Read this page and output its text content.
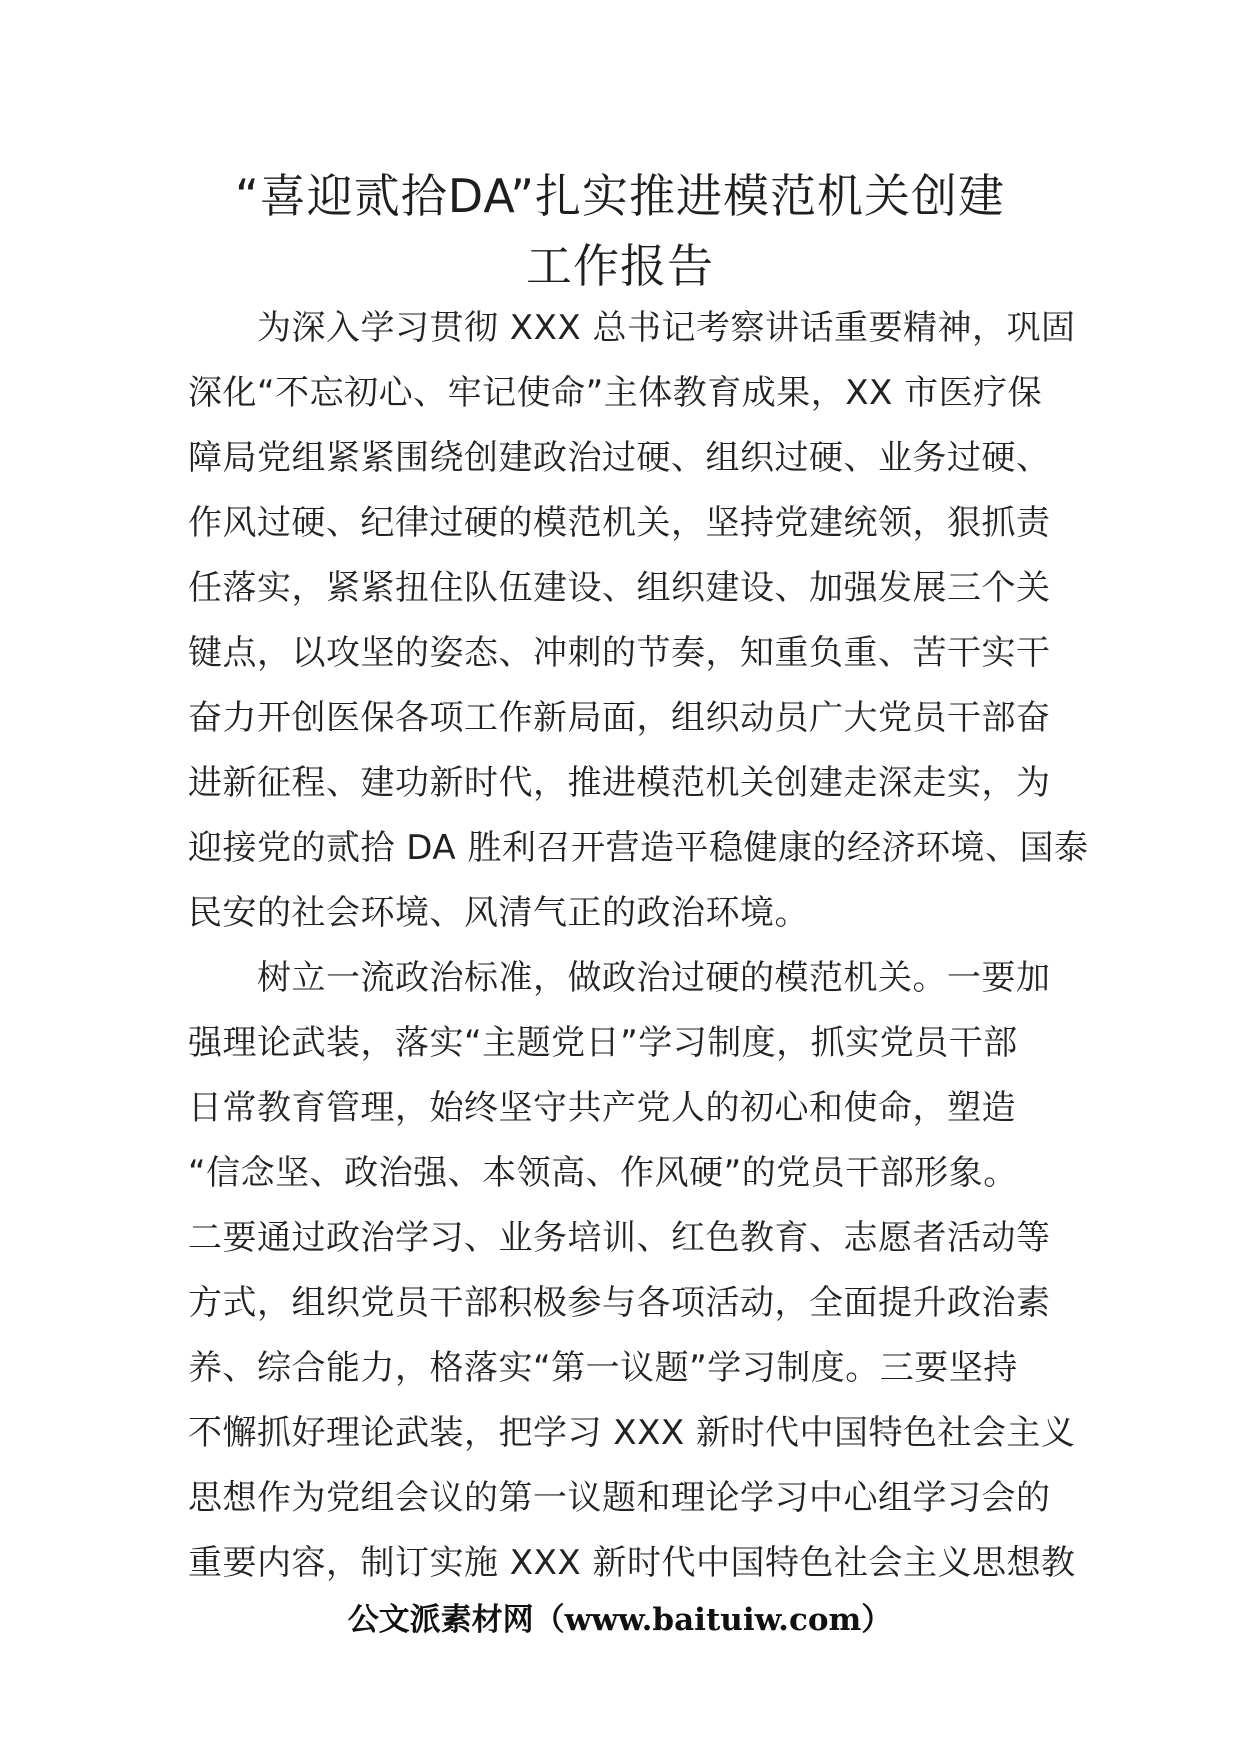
“喜迎贰拾DA”扎实推进模范机关创建
工作报告
　　为深入学习贯彻 XXX 总书记考察讲话重要精神，巩固
深化“不忘初心、牢记使命”主体教育成果，XX 市医疗保
障局党组紧紧围绕创建政治过硬、组织过硬、业务过硬、
作风过硬、纪律过硬的模范机关，坚持党建统领，狠抓责
任落实，紧紧扭住队伍建设、组织建设、加强发展三个关
键点，以攻坚的姿态、冲刺的节奏，知重负重、苦干实干
奋力开创医保各项工作新局面，组织动员广大党员干部奋
进新征程、建功新时代，推进模范机关创建走深走实，为
迎接党的贰拾 DA 胜利召开营造平稳健康的经济环境、国泰
民安的社会环境、风清气正的政治环境。
　　树立一流政治标准，做政治过硬的模范机关。一要加
强理论武装，落实“主题党日”学习制度，抓实党员干部
日常教育管理，始终坚守共产党人的初心和使命，塑造
“信念坚、政治强、本领高、作风硬”的党员干部形象。
二要通过政治学习、业务培训、红色教育、志愿者活动等
方式，组织党员干部积极参与各项活动，全面提升政治素
养、综合能力，格落实“第一议题”学习制度。三要坚持
不懈抓好理论武装，把学习 XXX 新时代中国特色社会主义
思想作为党组会议的第一议题和理论学习中心组学习会的
重要内容，制订实施 XXX 新时代中国特色社会主义思想教
公文派素材网（www.baituiw.com）
